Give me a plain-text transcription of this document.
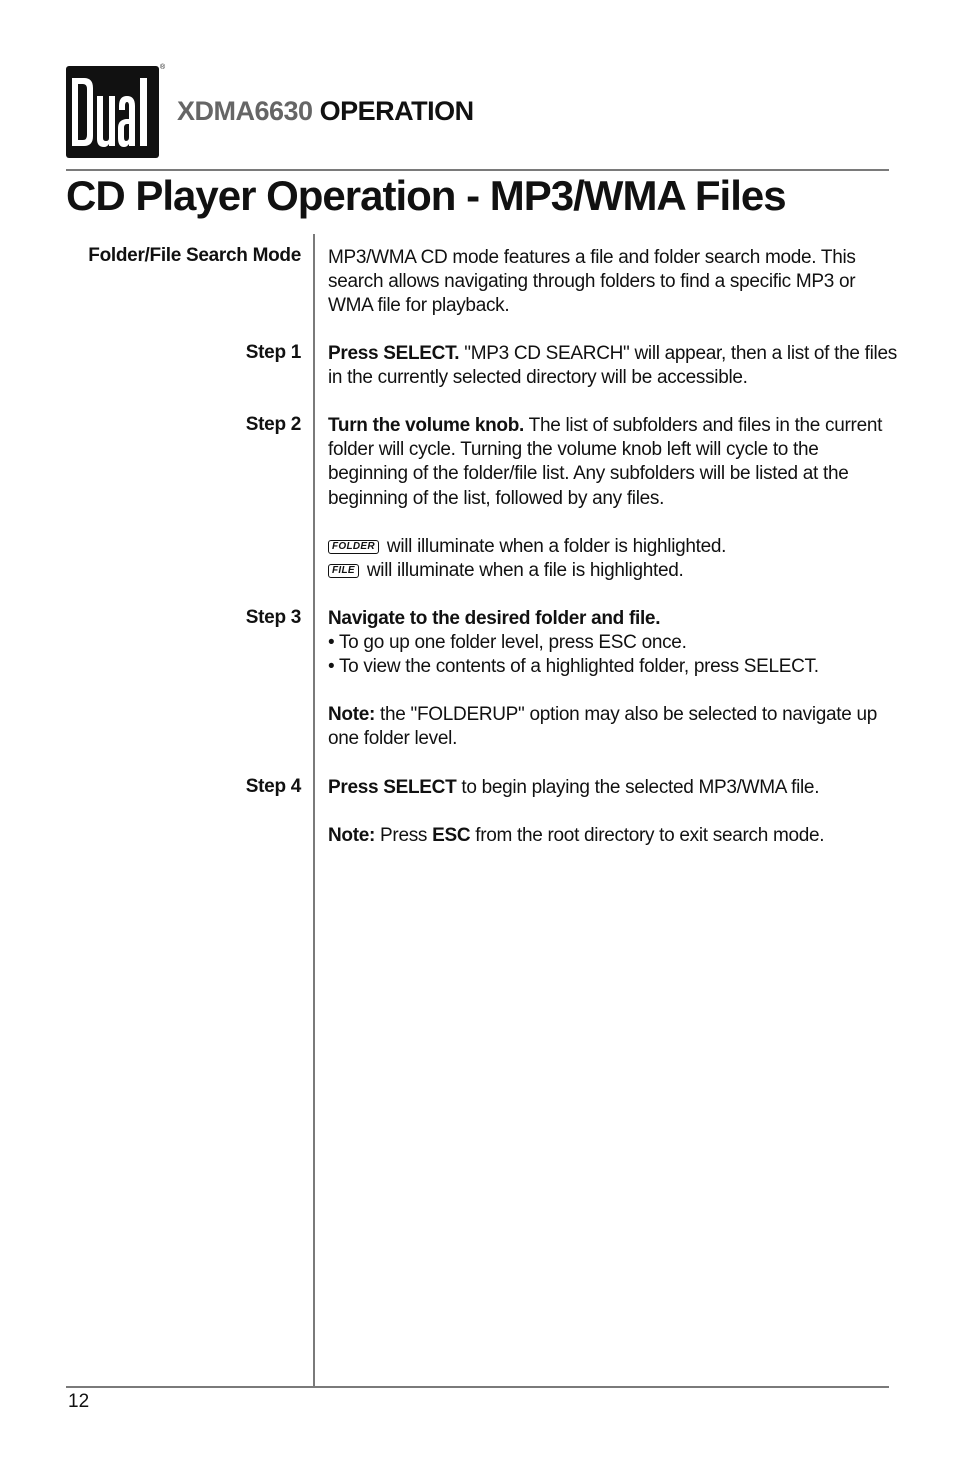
®
XDMA6630 OPERATION
CD Player Operation - MP3/WMA Files
Folder/File Search Mode MP3/WMA CD mode features a file and folder search mode. This search allows navigating through folders to find a specific MP3 or WMA file for playback.
Step 1 Press SELECT. "MP3 CD SEARCH" will appear, then a list of the files in the currently selected directory will be accessible.
Step 2 Turn the volume knob. The list of subfolders and files in the current folder will cycle. Turning the volume knob left will cycle to the beginning of the folder/file list. Any subfolders will be listed at the beginning of the list, followed by any files.
FOLDER will illuminate when a folder is highlighted.
FILE will illuminate when a file is highlighted.
Step 3 Navigate to the desired folder and file.
• To go up one folder level, press ESC once.
• To view the contents of a highlighted folder, press SELECT.
Note: the "FOLDERUP" option may also be selected to navigate up one folder level.
Step 4 Press SELECT to begin playing the selected MP3/WMA file.
Note: Press ESC from the root directory to exit search mode.
12
